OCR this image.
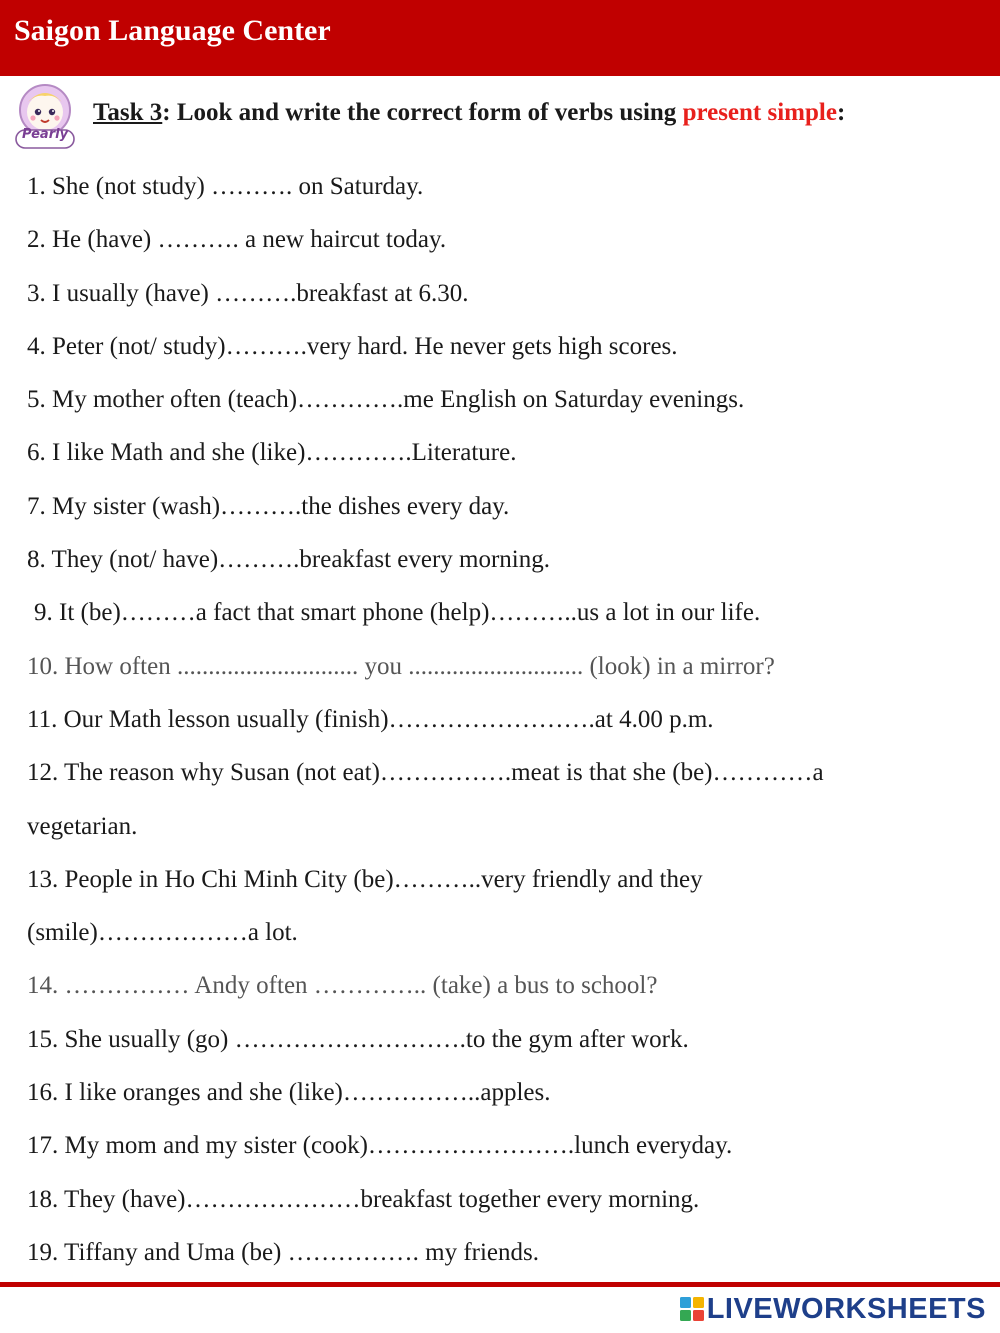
Saigon Language Center
Pearly
Task 3: Look and write the correct form of verbs using present simple:
1. She (not study) ………. on Saturday.
2. He (have) ………. a new haircut today.
3. I usually (have) ……….breakfast at 6.30.
4. Peter (not/ study)……….very hard. He never gets high scores.
5. My mother often (teach)………….me English on Saturday evenings.
6. I like Math and she (like)………….Literature.
7. My sister (wash)……….the dishes every day.
8. They (not/ have)……….breakfast every morning.
9. It (be)………a fact that smart phone (help)………..us a lot in our life.
10. How often ............................. you ............................ (look) in a mirror?
11. Our Math lesson usually (finish)…………………….at 4.00 p.m.
12. The reason why Susan (not eat)…………….meat is that she (be)…………a
vegetarian.
13. People in Ho Chi Minh City (be)………..very friendly and they
(smile)………………a lot.
14. …………… Andy often ………….. (take) a bus to school?
15. She usually (go) ……………………….to the gym after work.
16. I like oranges and she (like)……………..apples.
17. My mom and my sister (cook)…………………….lunch everyday.
18. They (have)…………………breakfast together every morning.
19. Tiffany and Uma (be) ……………. my friends.
LIVEWORKSHEETS
